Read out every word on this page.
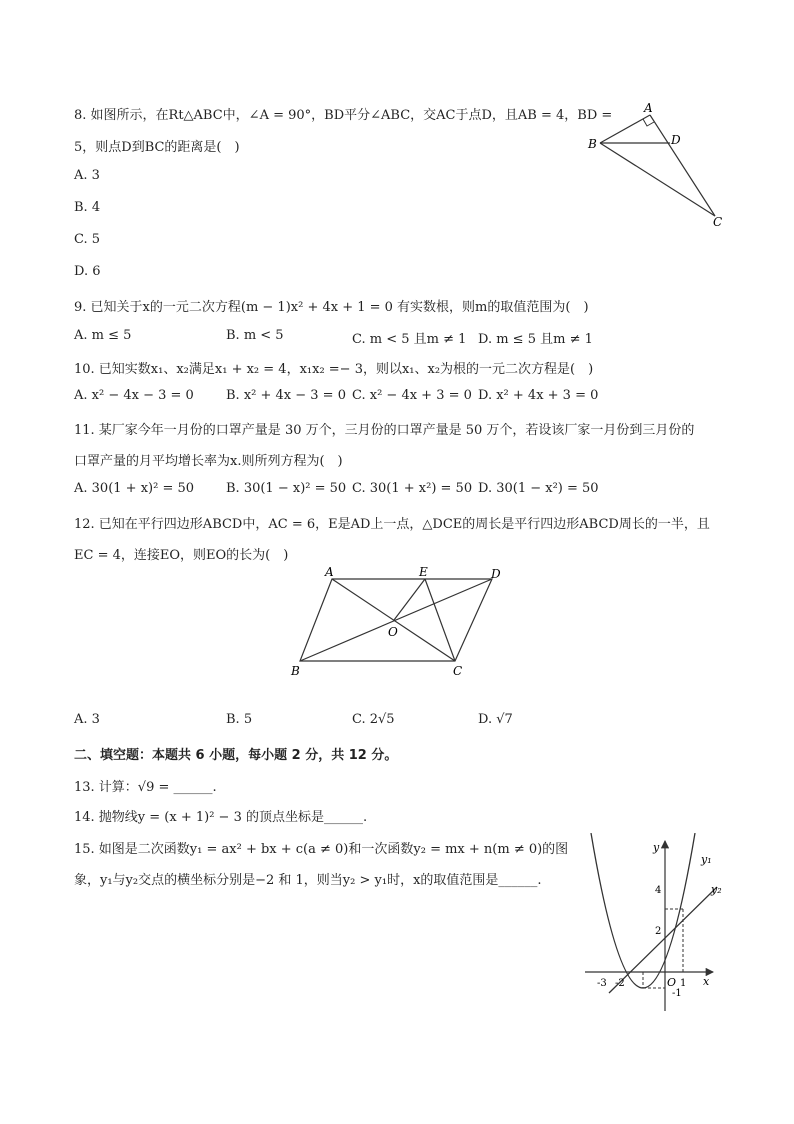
8. 如图所示，在Rt△ABC中，∠A = 90°，BD平分∠ABC，交AC于点D，且AB = 4，BD =
5，则点D到BC的距离是(　)
A. 3
B. 4
C. 5
D. 6
A
B	D
C
9. 已知关于x的一元二次方程(m − 1)x² + 4x + 1 = 0 有实数根，则m的取值范围为(　)
A. m ≤ 5	B. m < 5	C. m < 5 且m ≠ 1 D. m ≤ 5 且m ≠ 1
10. 已知实数x₁、x₂满足x₁ + x₂ = 4，x₁x₂ =− 3，则以x₁、x₂为根的一元二次方程是(　)
A. x² − 4x − 3 = 0 B. x² + 4x − 3 = 0 C. x² − 4x + 3 = 0 D. x² + 4x + 3 = 0
11. 某厂家今年一月份的口罩产量是 30 万个，三月份的口罩产量是 50 万个，若设该厂家一月份到三月份的
口罩产量的月平均增长率为x.则所列方程为(　)
A. 30(1 + x)² = 50 B. 30(1 − x)² = 50 C. 30(1 + x²) = 50 D. 30(1 − x²) = 50
12. 已知在平行四边形ABCD中，AC = 6，E是AD上一点，△DCE的周长是平行四边形ABCD周长的一半，且
EC = 4，连接EO，则EO的长为(　)
A	E	D
O
B	C
A. 3	B. 5	C. 2√5	D. √7
二、填空题：本题共 6 小题，每小题 2 分，共 12 分。
13. 计算：√9 = ______.
14. 抛物线y = (x + 1)² − 3 的顶点坐标是______.
15. 如图是二次函数y₁ = ax² + bx + c(a ≠ 0)和一次函数y₂ = mx + n(m ≠ 0)的图
象，y₁与y₂交点的横坐标分别是−2 和 1，则当y₂ > y₁时，x的取值范围是______.
y
x
O
y₁
y₂
-3 -2	1
4
2
-1
